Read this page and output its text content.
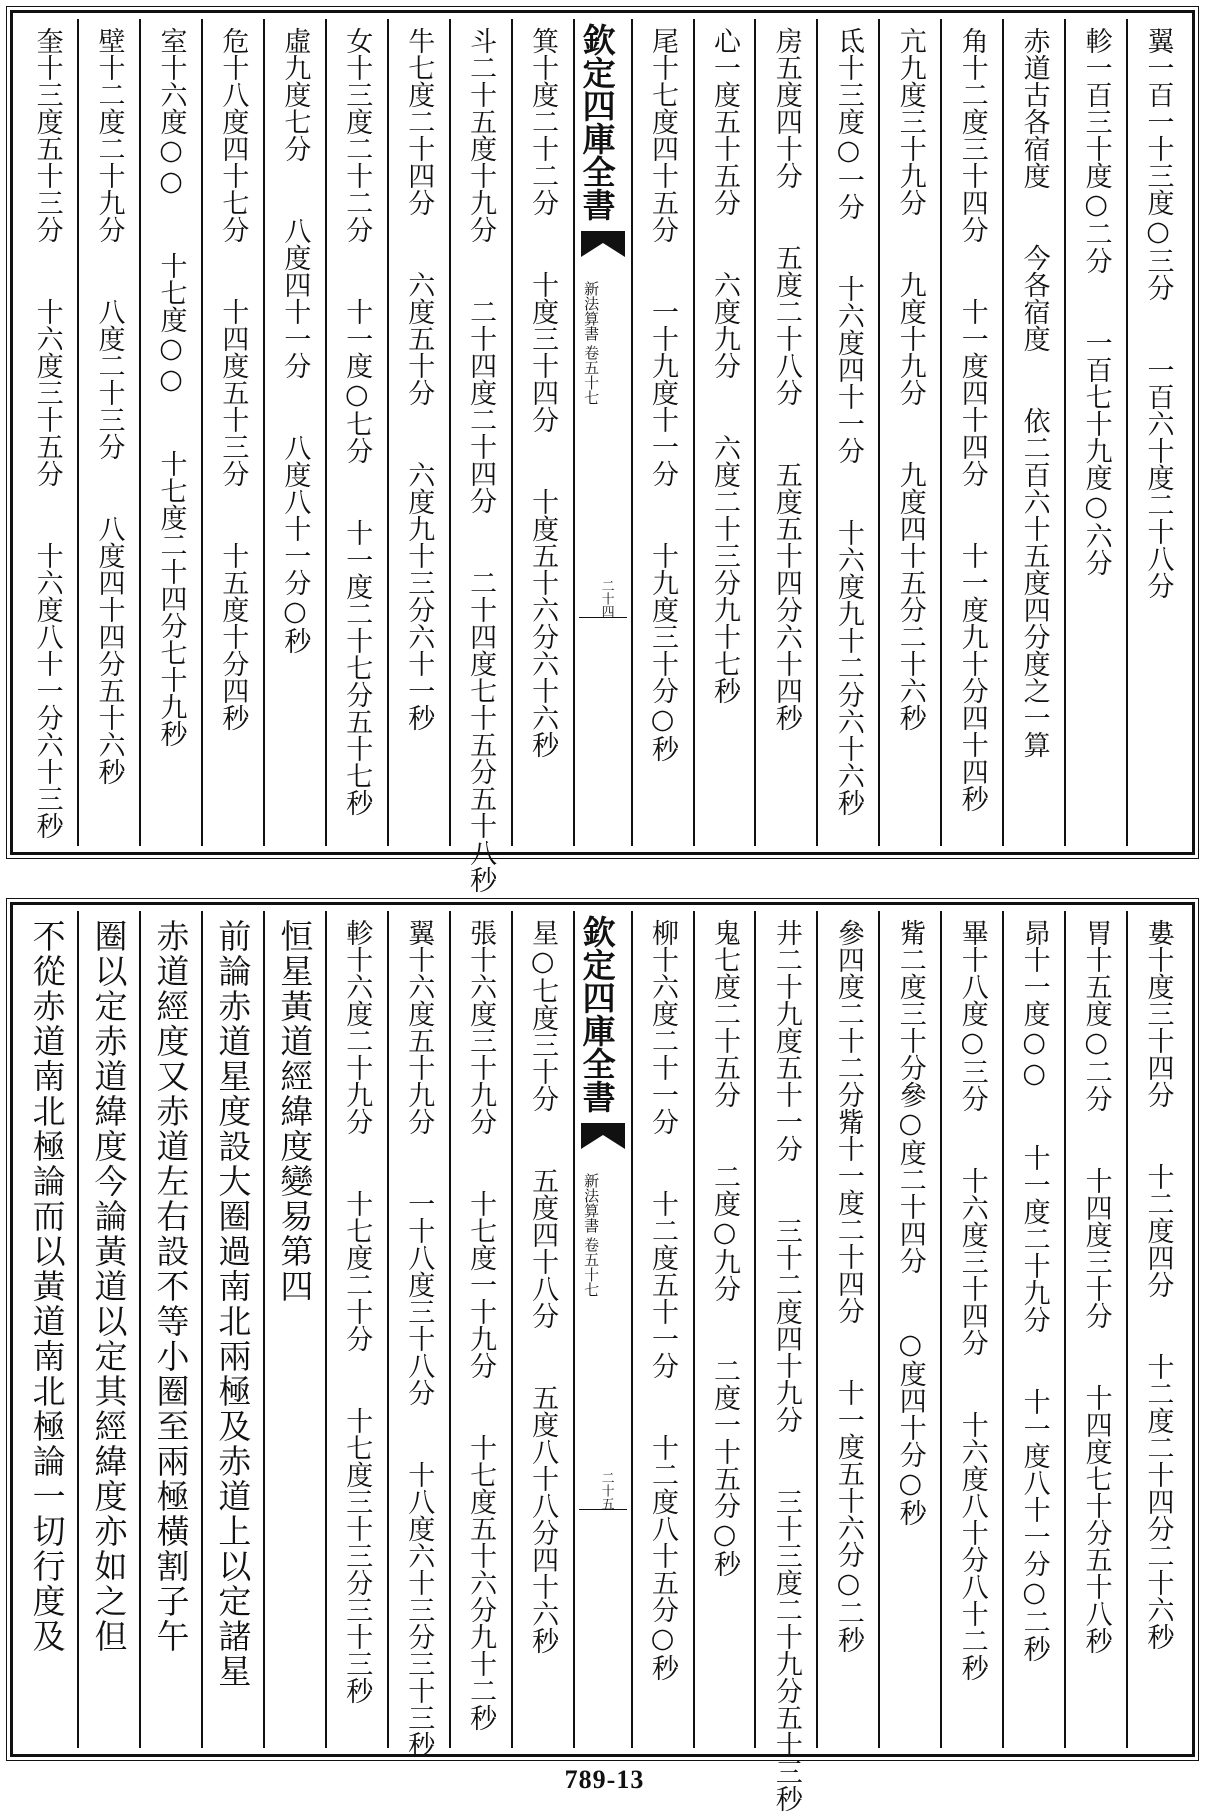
翼一百一十三度○三分一百六十度二十八分
軫一百三十度○二分一百七十九度○六分
赤道古各宿度今各宿度依二百六十五度四分度之一算
角十二度三十四分十一度四十四分十一度九十分四十四秒
亢九度三十九分九度十九分九度四十五分二十六秒
氐十三度○一分十六度四十一分十六度九十二分六十六秒
房五度四十分五度二十八分五度五十四分六十四秒
心一度五十五分六度九分六度二十三分九十七秒
尾十七度四十五分一十九度十一分十九度三十分○秒
欽定四庫全書
新法算書
卷五十七
二十四
箕十度二十二分十度三十四分十度五十六分六十六秒
斗二十五度十九分二十四度二十四分二十四度七十五分五十八秒
牛七度二十四分六度五十分六度九十三分六十一秒
女十三度二十二分十一度○七分十一度二十七分五十七秒
虛九度七分八度四十一分八度八十一分○秒
危十八度四十七分十四度五十三分十五度十分四秒
室十六度○○十七度○○十七度二十四分七十九秒
壁十二度二十九分八度二十三分八度四十四分五十六秒
奎十三度五十三分十六度三十五分十六度八十一分六十三秒
婁十度三十四分十二度四分十二度二十四分二十六秒
胃十五度○二分十四度三十分十四度七十分五十八秒
昴十一度○○十一度二十九分十一度八十一分○二秒
畢十八度○三分十六度三十四分十六度八十分八十二秒
觜二度三十分參○度二十四分○度四十分○秒
參四度二十二分觜十一度二十四分十一度五十六分○二秒
井二十九度五十一分三十二度四十九分三十三度二十九分五十三秒
鬼七度二十五分二度○九分二度一十五分○秒
柳十六度二十一分十二度五十一分十二度八十五分○秒
欽定四庫全書
新法算書
卷五十七
二十五
星○七度三十分五度四十八分五度八十八分四十六秒
張十六度三十九分十七度一十九分十七度五十六分九十二秒
翼十六度五十九分一十八度三十八分十八度六十三分三十三秒
軫十六度二十九分十七度二十分十七度三十三分三十三秒
恒星黃道經緯度變易第四
前論赤道星度設大圈過南北兩極及赤道上以定諸星
赤道經度又赤道左右設不等小圈至兩極橫割子午
圈以定赤道緯度今論黃道以定其經緯度亦如之但
不從赤道南北極論而以黃道南北極論一切行度及
789-13
